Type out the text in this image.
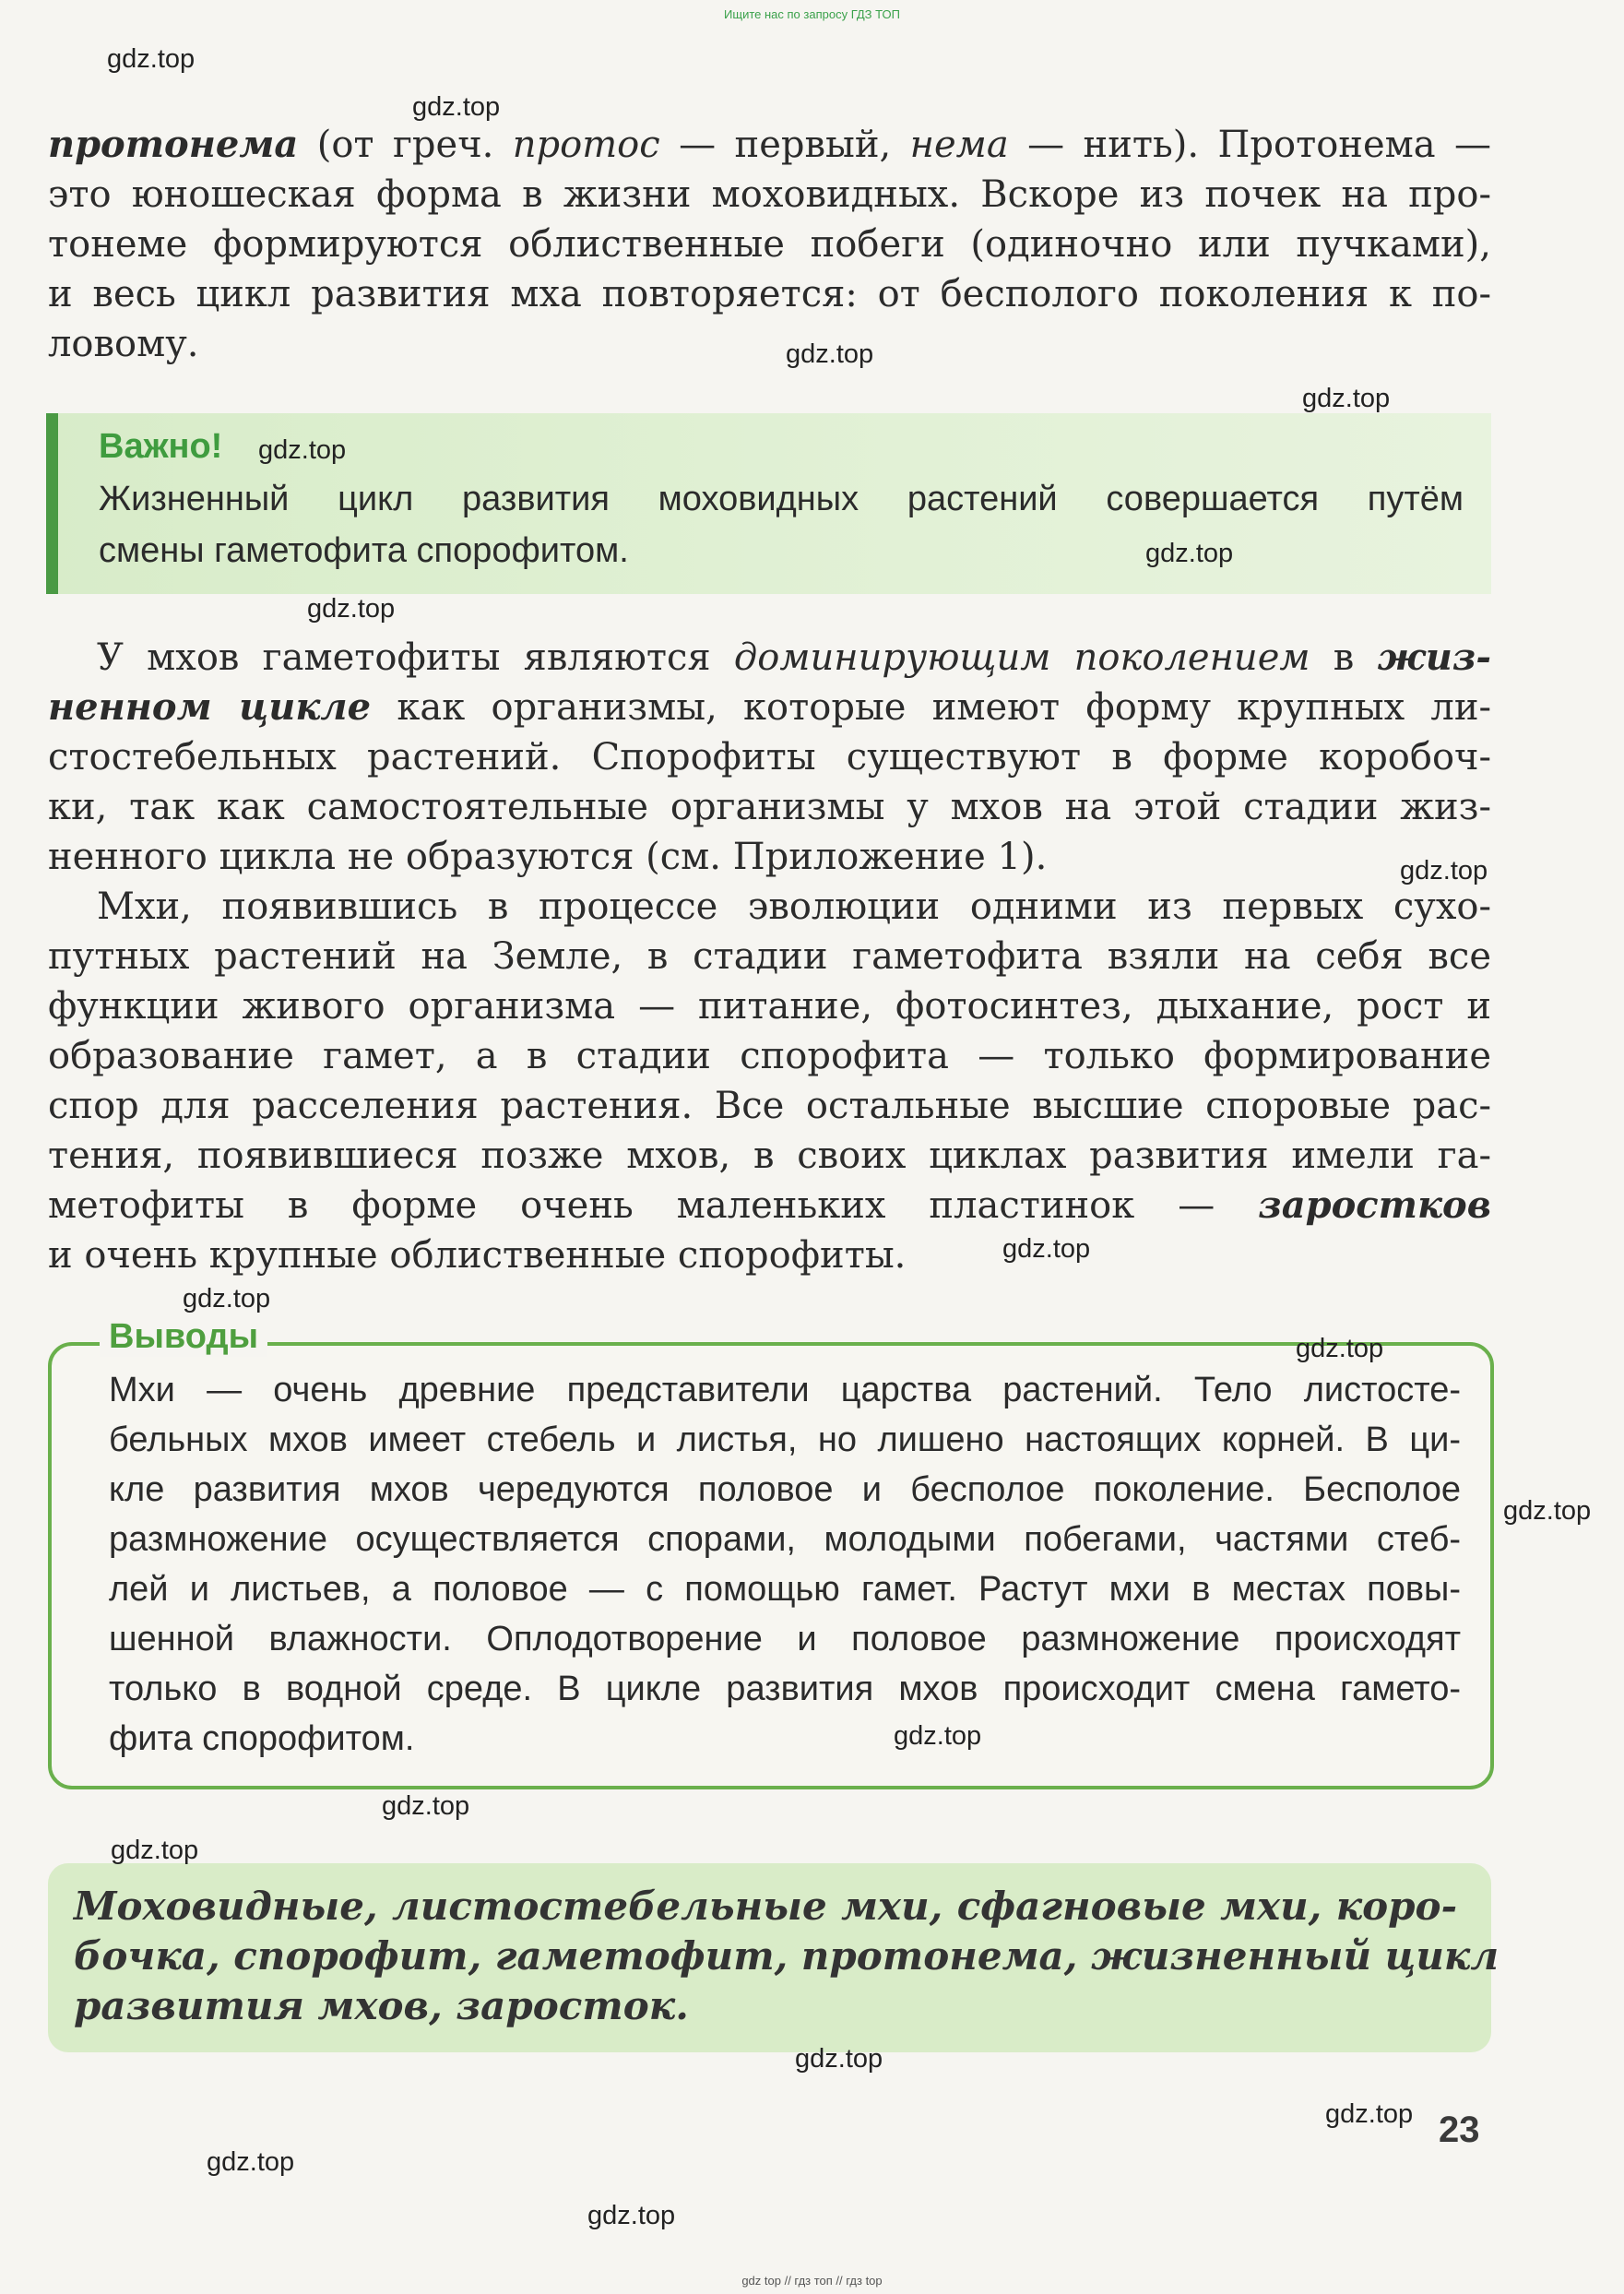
Ищите нас по запросу ГДЗ ТОП
gdz top // гдз топ // гдз top
протонема (от греч. протос — первый, нема — нить). Протонема —
это юношеская форма в жизни моховидных. Вскоре из почек на про-
тонеме формируются облиственные побеги (одиночно или пучками),
и весь цикл развития мха повторяется: от бесполого поколения к по-
ловому.
Важно!
Жизненный цикл развития моховидных растений совершается путём
смены гаметофита спорофитом.
У мхов гаметофиты являются доминирующим поколением в жиз-
ненном цикле как организмы, которые имеют форму крупных ли-
стостебельных растений. Спорофиты существуют в форме коробоч-
ки, так как самостоятельные организмы у мхов на этой стадии жиз-
ненного цикла не образуются (см. Приложение 1).
Мхи, появившись в процессе эволюции одними из первых сухо-
путных растений на Земле, в стадии гаметофита взяли на себя все
функции живого организма — питание, фотосинтез, дыхание, рост и
образование гамет, а в стадии спорофита — только формирование
спор для расселения растения. Все остальные высшие споровые рас-
тения, появившиеся позже мхов, в своих циклах развития имели га-
метофиты в форме очень маленьких пластинок — заростков
и очень крупные облиственные спорофиты.
Выводы
Мхи — очень древние представители царства растений. Тело листосте-
бельных мхов имеет стебель и листья, но лишено настоящих корней. В ци-
кле развития мхов чередуются половое и бесполое поколение. Бесполое
размножение осуществляется спорами, молодыми побегами, частями стеб-
лей и листьев, а половое — с помощью гамет. Растут мхи в местах повы-
шенной влажности. Оплодотворение и половое размножение происходят
только в водной среде. В цикле развития мхов происходит смена гамето-
фита спорофитом.
Моховидные, листостебельные мхи, сфагновые мхи, коро-
бочка, спорофит, гаметофит, протонема, жизненный цикл
развития мхов, заросток.
23
gdz.top
gdz.top
gdz.top
gdz.top
gdz.top
gdz.top
gdz.top
gdz.top
gdz.top
gdz.top
gdz.top
gdz.top
gdz.top
gdz.top
gdz.top
gdz.top
gdz.top
gdz.top
gdz.top
